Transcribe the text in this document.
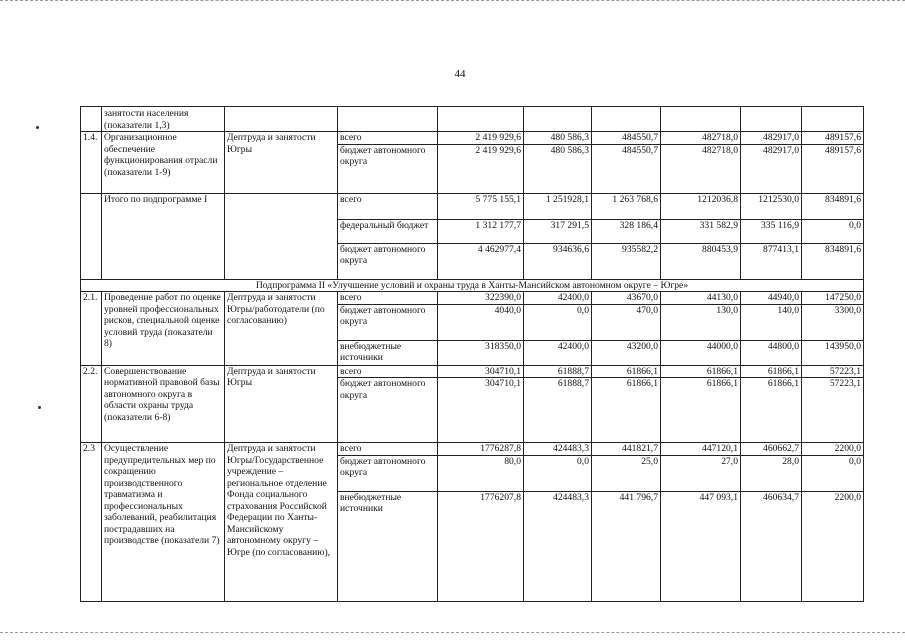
44
	занятости населения (показатели 1,3)								
1.4.	Организационное обеспечение функционирования отрасли (показатели 1-9)	Дептруда и занятости Югры	всего	2 419 929,6	480 586,3	484550,7	482718,0	482917,0	489157,6
			бюджет автономного округа	2 419 929,6	480 586,3	484550,7	482718,0	482917,0	489157,6
	Итого по подпрограмме I		всего	5 775 155,1	1 251928,1	1 263 768,6	1212036,8	1212530,0	834891,6
			федеральный бюджет	1 312 177,7	317 291,5	328 186,4	331 582,9	335 116,9	0,0
			бюджет автономного округа	4 462977,4	934636,6	935582,2	880453,9	877413,1	834891,6
Подпрограмма II «Улучшение условий и охраны труда в Ханты-Мансийском автономном округе – Югре»									
2.1.	Проведение работ по оценке уровней профессиональных рисков, специальной оценке условий труда (показатели 8)	Дептруда и занятости Югры/работодатели (по согласованию)	всего	322390,0	42400,0	43670,0	44130,0	44940,0	147250,0
			бюджет автономного округа	4040,0	0,0	470,0	130,0	140,0	3300,0
			внебюджетные источники	318350,0	42400,0	43200,0	44000,0	44800,0	143950,0
2.2.	Совершенствование нормативной правовой базы автономного округа в области охраны труда (показатели 6-8)	Дептруда и занятости Югры	всего	304710,1	61888,7	61866,1	61866,1	61866,1	57223,1
			бюджет автономного округа	304710,1	61888,7	61866,1	61866,1	61866,1	57223,1
2.3	Осуществление предупредительных мер по сокращению производственного травматизма и профессиональных заболеваний, реабилитация пострадавших на производстве (показатели 7)	Дептруда и занятости Югры/Государственное учреждение – региональное отделение Фонда социального страхования Российской Федерации по Ханты-Мансийскому автономному округу – Югре (по согласованию),	всего	1776287,8	424483,3	441821,7	447120,1	460662,7	2200,0
			бюджет автономного округа	80,0	0,0	25,0	27,0	28,0	0,0
			внебюджетные источники	1776207,8	424483,3	441 796,7	447 093,1	460634,7	2200,0
